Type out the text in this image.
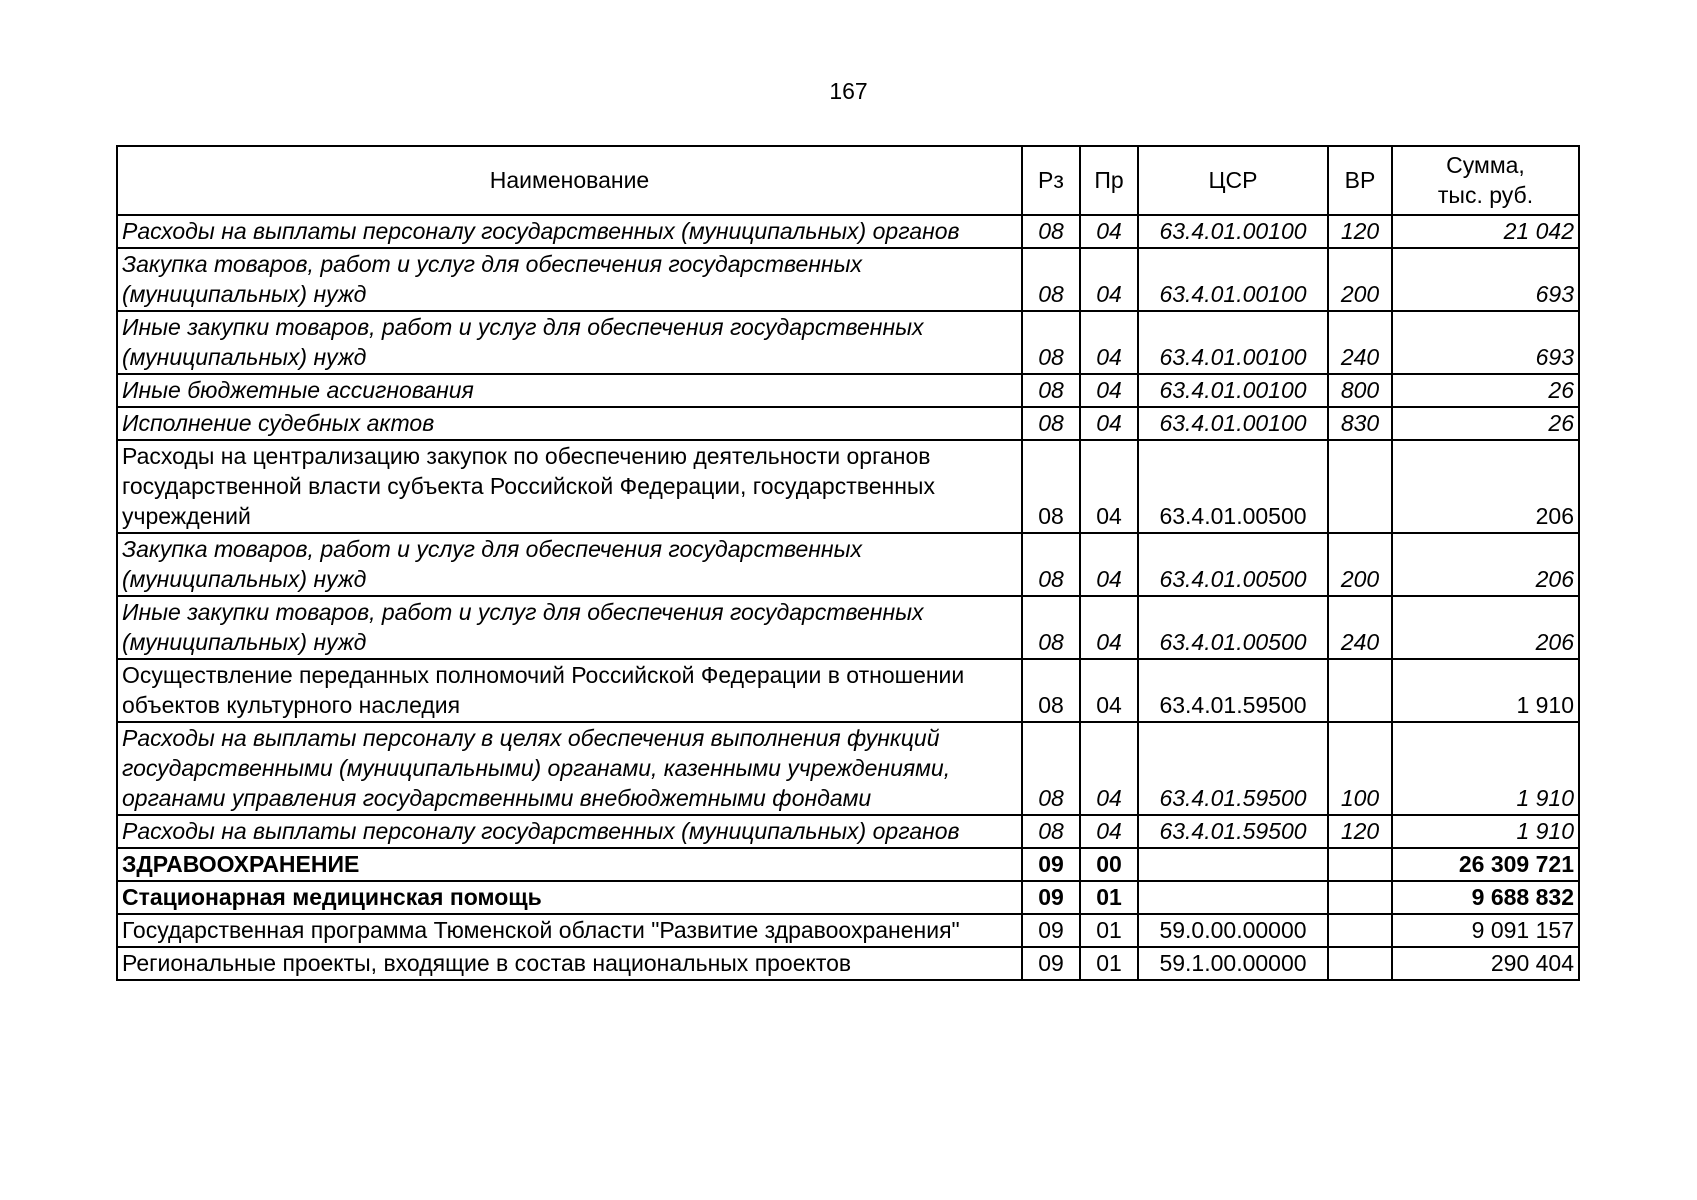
167
Наименование	Рз	Пр	ЦСР	ВР	Сумма,
тыс. руб.

Расходы на выплаты персоналу государственных (муниципальных) органов	08	04	63.4.01.00100	120	21 042
Закупка товаров, работ и услуг для обеспечения государственных (муниципальных) нужд	08	04	63.4.01.00100	200	693
Иные закупки товаров, работ и услуг для обеспечения государственных (муниципальных) нужд	08	04	63.4.01.00100	240	693
Иные бюджетные ассигнования	08	04	63.4.01.00100	800	26
Исполнение судебных актов	08	04	63.4.01.00100	830	26
Расходы на централизацию закупок по обеспечению деятельности органов государственной власти субъекта Российской Федерации, государственных учреждений	08	04	63.4.01.00500		206
Закупка товаров, работ и услуг для обеспечения государственных (муниципальных) нужд	08	04	63.4.01.00500	200	206
Иные закупки товаров, работ и услуг для обеспечения государственных (муниципальных) нужд	08	04	63.4.01.00500	240	206
Осуществление переданных полномочий Российской Федерации в отношении объектов культурного наследия	08	04	63.4.01.59500		1 910
Расходы на выплаты персоналу в целях обеспечения выполнения функций государственными (муниципальными) органами, казенными учреждениями, органами управления государственными внебюджетными фондами	08	04	63.4.01.59500	100	1 910
Расходы на выплаты персоналу государственных (муниципальных) органов	08	04	63.4.01.59500	120	1 910
ЗДРАВООХРАНЕНИЕ	09	00			26 309 721
Стационарная медицинская помощь	09	01			9 688 832
Государственная программа Тюменской области "Развитие здравоохранения"	09	01	59.0.00.00000		9 091 157
Региональные проекты, входящие в состав национальных проектов	09	01	59.1.00.00000		290 404
